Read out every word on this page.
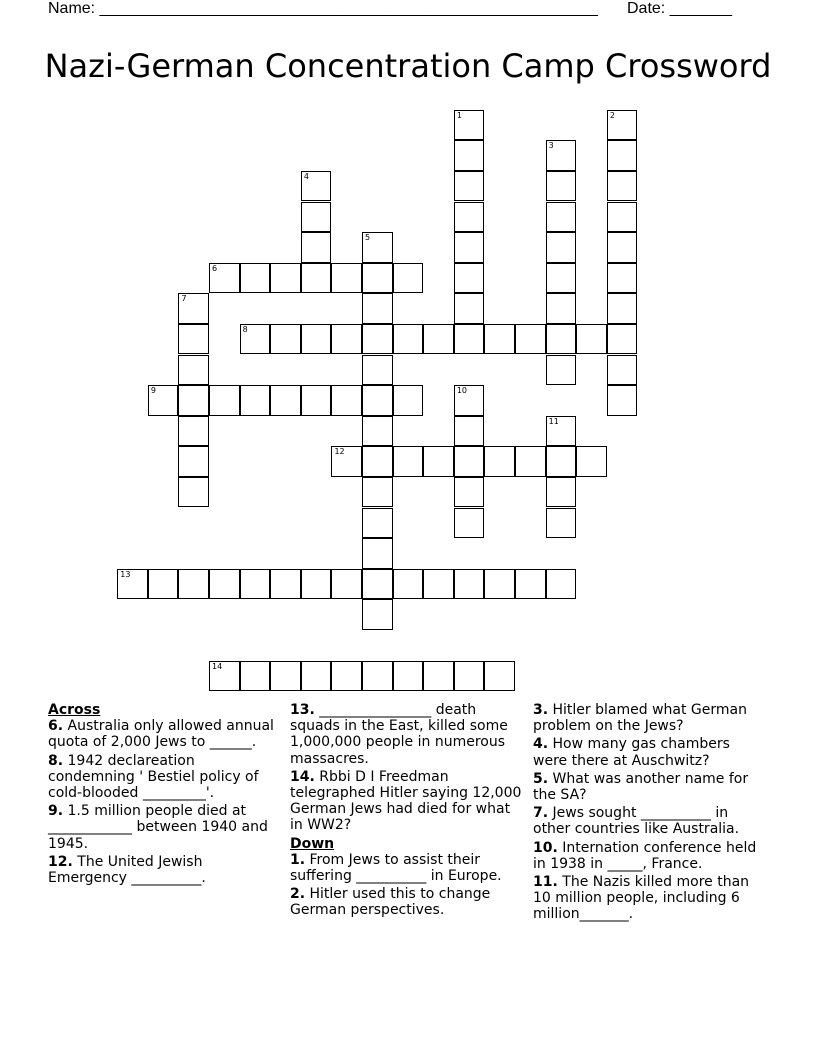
Name: ________________________________________________________ Date: _______
Nazi-German Concentration Camp Crossword
1	2
3
4
5
6
7
8
9	10
11
12
13
14
Across
6. Australia only allowed annual quota of 2,000 Jews to ______.
8. 1942 declareation condemning ' Bestiel policy of cold-blooded _________'.
9. 1.5 million people died at ____________ between 1940 and 1945.
12. The United Jewish Emergency __________.
13. ________________ death squads in the East, killed some 1,000,000 people in numerous massacres.
14. Rbbi D I Freedman telegraphed Hitler saying 12,000 German Jews had died for what in WW2?
Down
1. From Jews to assist their suffering __________ in Europe.
2. Hitler used this to change German perspectives.
3. Hitler blamed what German problem on the Jews?
4. How many gas chambers were there at Auschwitz?
5. What was another name for the SA?
7. Jews sought __________ in other countries like Australia.
10. Internation conference held in 1938 in _____, France.
11. The Nazis killed more than 10 million people, including 6 million_______.
